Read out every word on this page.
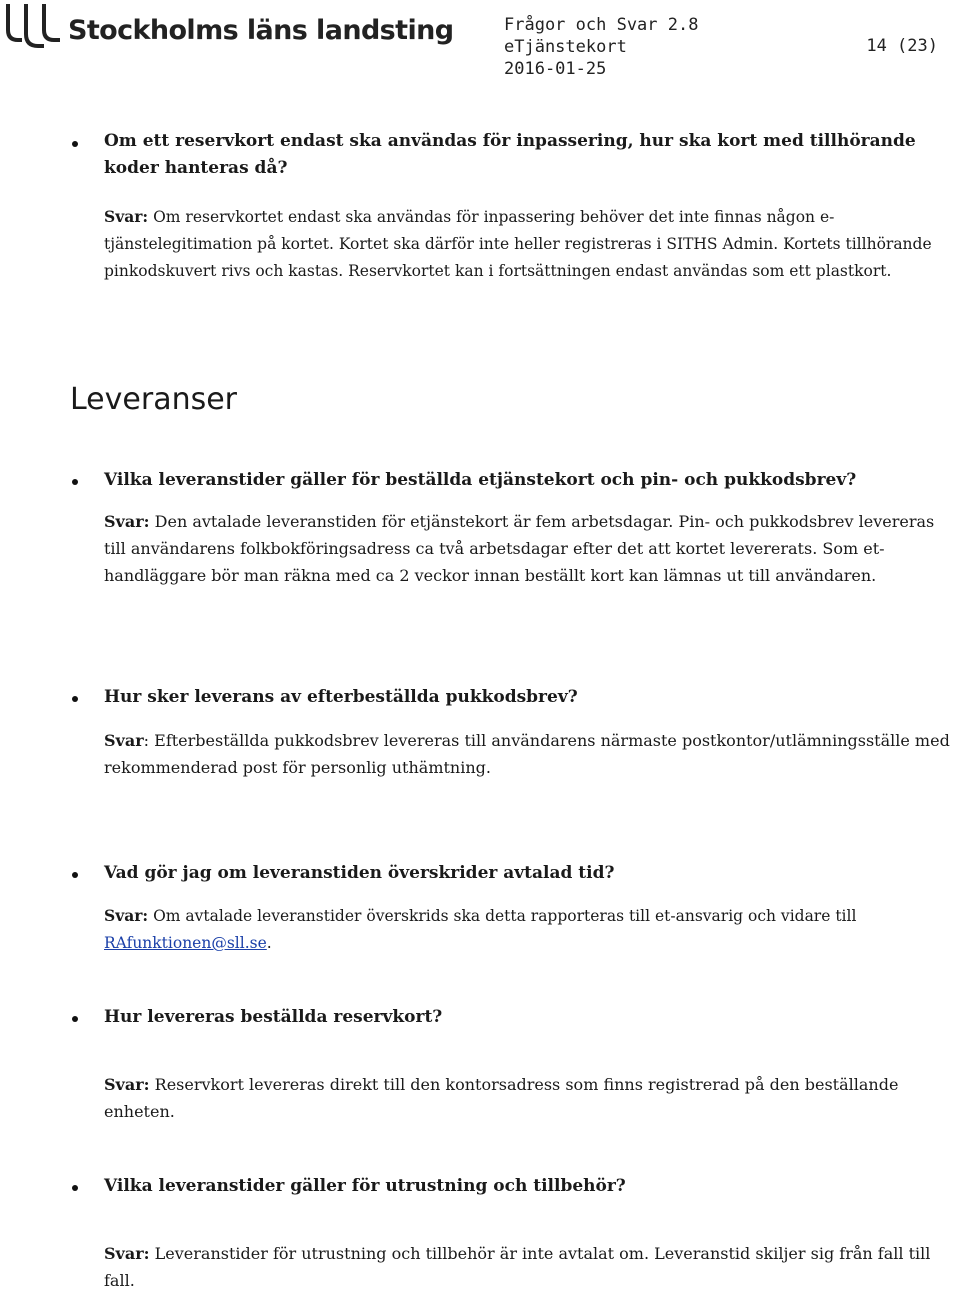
Stockholms läns landsting	Frågor och Svar 2.8
eTjänstekort
2016-01-25
14 (23)
Om ett reservkort endast ska användas för inpassering, hur ska kort med tillhörande koder hanteras då?
Svar: Om reservkortet endast ska användas för inpassering behöver det inte finnas någon e-tjänstelegitimation på kortet. Kortet ska därför inte heller registreras i SITHS Admin. Kortets tillhörande pinkodskuvert rivs och kastas. Reservkortet kan i fortsättningen endast användas som ett plastkort.
Leveranser
Vilka leveranstider gäller för beställda etjänstekort och pin- och pukkodsbrev?
Svar: Den avtalade leveranstiden för etjänstekort är fem arbetsdagar. Pin- och pukkodsbrev levereras till användarens folkbokföringsadress ca två arbetsdagar efter det att kortet levererats. Som et-handläggare bör man räkna med ca 2 veckor innan beställt kort kan lämnas ut till användaren.
Hur sker leverans av efterbeställda pukkodsbrev?
Svar: Efterbeställda pukkodsbrev levereras till användarens närmaste postkontor/utlämningsställe med rekommenderad post för personlig uthämtning.
Vad gör jag om leveranstiden överskrider avtalad tid?
Svar: Om avtalade leveranstider överskrids ska detta rapporteras till et-ansvarig och vidare till RAfunktionen@sll.se.
Hur levereras beställda reservkort?
Svar: Reservkort levereras direkt till den kontorsadress som finns registrerad på den beställande enheten.
Vilka leveranstider gäller för utrustning och tillbehör?
Svar: Leveranstider för utrustning och tillbehör är inte avtalat om. Leveranstid skiljer sig från fall till fall.
